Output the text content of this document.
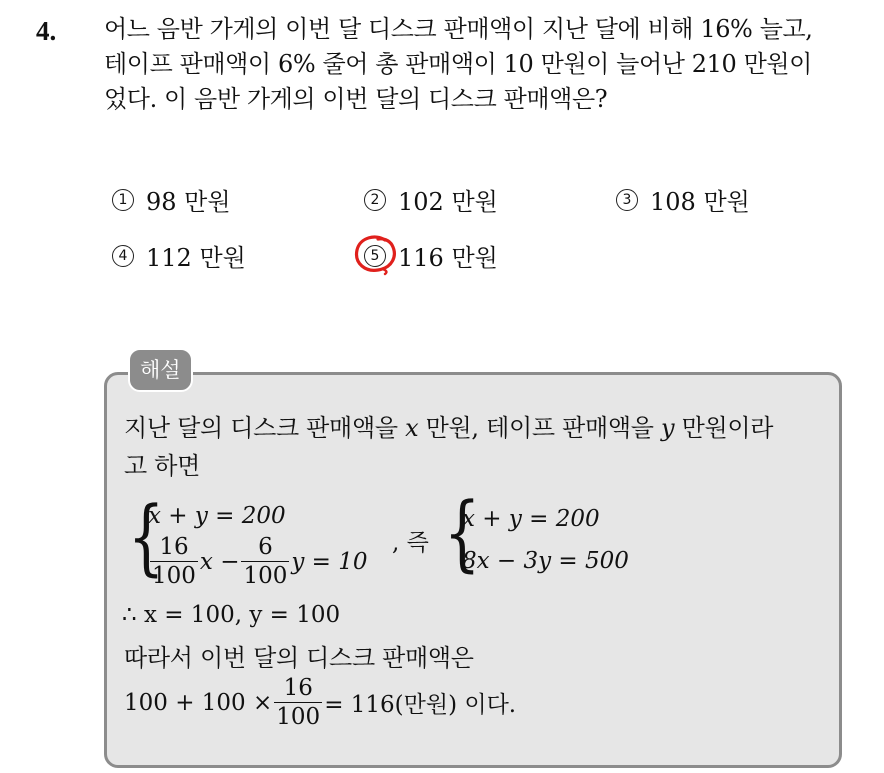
4. 어느 음반 가게의 이번 달 디스크 판매액이 지난 달에 비해 16% 늘고,
테이프 판매액이 6% 줄어 총 판매액이 10 만원이 늘어난 210 만원이
었다. 이 음반 가게의 이번 달의 디스크 판매액은?
1 98 만원	2 102 만원	3 108 만원
4 112 만원	5 116 만원
해설
지난 달의 디스크 판매액을 x 만원, 테이프 판매액을 y 만원이라
고 하면
{
x + y = 200
$\frac{16}{100}$ $x - \frac{6}{100}$ y = 10
, 즉 {
x + y = 200
8x − 3y = 500
∴ x = 100, y = 100
따라서 이번 달의 디스크 판매액은
$100 + 100 \times \frac{16}{100} = 116$(만원) 이다.
